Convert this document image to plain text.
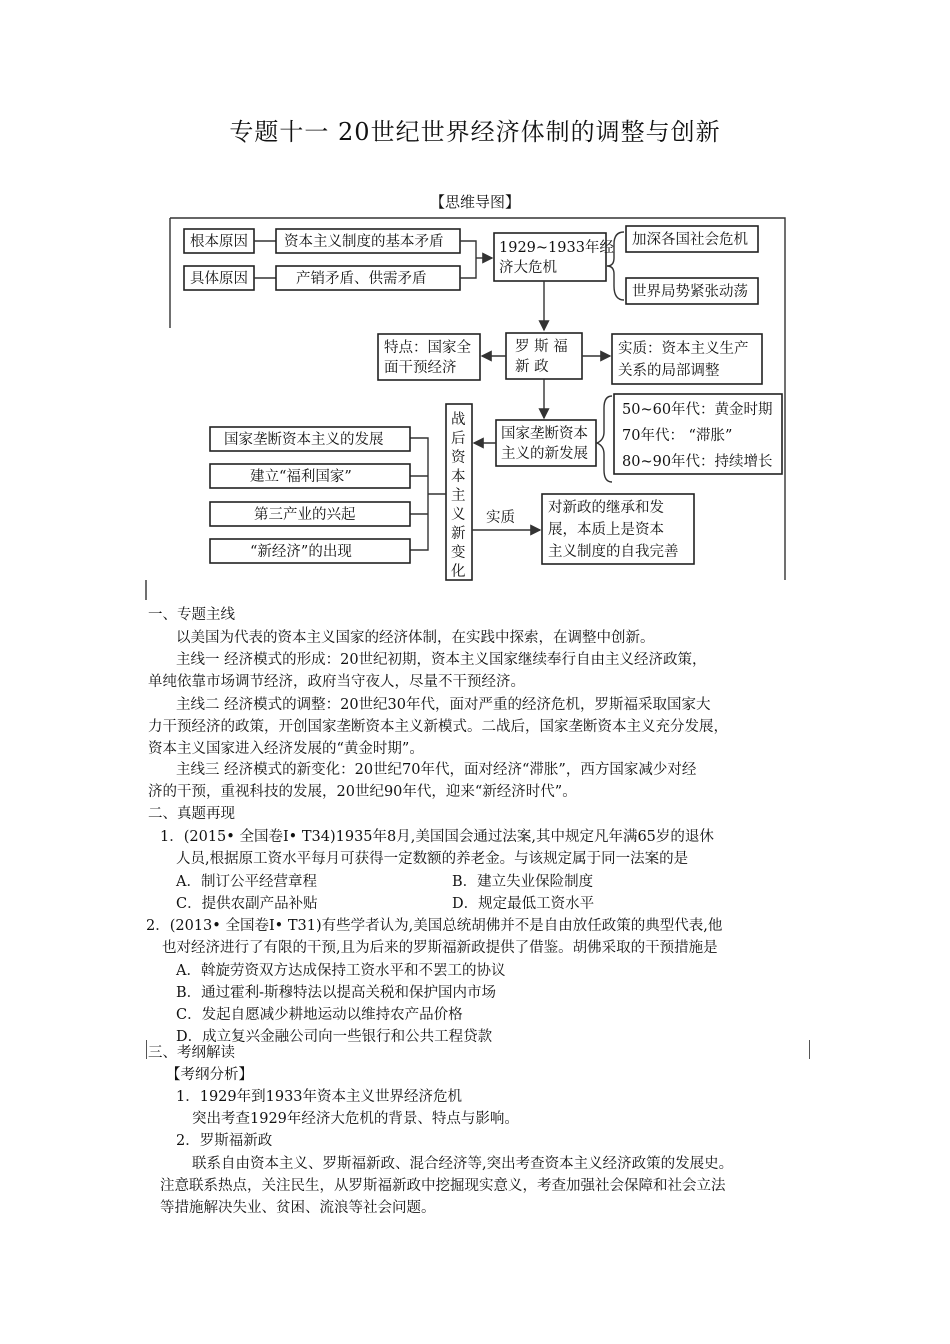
专题十一 20世纪世界经济体制的调整与创新
【思维导图】
根本原因 资本主义制度的基本矛盾
具体原因	产销矛盾、供需矛盾
1929~1933年经
济大危机
加深各国社会危机
世界局势紧张动荡
罗 斯 福
新 政
特点：国家全
面干预经济
实质：资本主义生产
关系的局部调整
国家垄断资本
主义的新发展
50~60年代：黄金时期
70年代： “滞胀”
80~90年代：持续增长
战
后
资
本
主
义
新
变
化
国家垄断资本主义的发展
建立“福利国家”
第三产业的兴起
“新经济”的出现
实质
对新政的继承和发
展，本质上是资本
主义制度的自我完善
一、专题主线
以美国为代表的资本主义国家的经济体制，在实践中探索，在调整中创新。
主线一 经济模式的形成：20世纪初期，资本主义国家继续奉行自由主义经济政策，
单纯依靠市场调节经济，政府当守夜人，尽量不干预经济。
主线二 经济模式的调整：20世纪30年代，面对严重的经济危机，罗斯福采取国家大
力干预经济的政策，开创国家垄断资本主义新模式。二战后，国家垄断资本主义充分发展，
资本主义国家进入经济发展的“黄金时期”。
主线三 经济模式的新变化：20世纪70年代，面对经济“滞胀”，西方国家减少对经
济的干预，重视科技的发展，20世纪90年代，迎来“新经济时代”。
二、真题再现
1．(2015• 全国卷Ⅰ• T34)1935年8月,美国国会通过法案,其中规定凡年满65岁的退休
人员,根据原工资水平每月可获得一定数额的养老金。与该规定属于同一法案的是
A．制订公平经营章程	B．建立失业保险制度
C．提供农副产品补贴	D．规定最低工资水平
2．(2013• 全国卷Ⅰ• T31)有些学者认为,美国总统胡佛并不是自由放任政策的典型代表,他
也对经济进行了有限的干预,且为后来的罗斯福新政提供了借鉴。胡佛采取的干预措施是
A．斡旋劳资双方达成保持工资水平和不罢工的协议
B．通过霍利-斯穆特法以提高关税和保护国内市场
C．发起自愿减少耕地运动以维持农产品价格
D．成立复兴金融公司向一些银行和公共工程贷款
三、考纲解读
【考纲分析】
1．1929年到1933年资本主义世界经济危机
突出考查1929年经济大危机的背景、特点与影响。
2．罗斯福新政
联系自由资本主义、罗斯福新政、混合经济等,突出考查资本主义经济政策的发展史。
注意联系热点，关注民生，从罗斯福新政中挖掘现实意义，考查加强社会保障和社会立法
等措施解决失业、贫困、流浪等社会问题。
